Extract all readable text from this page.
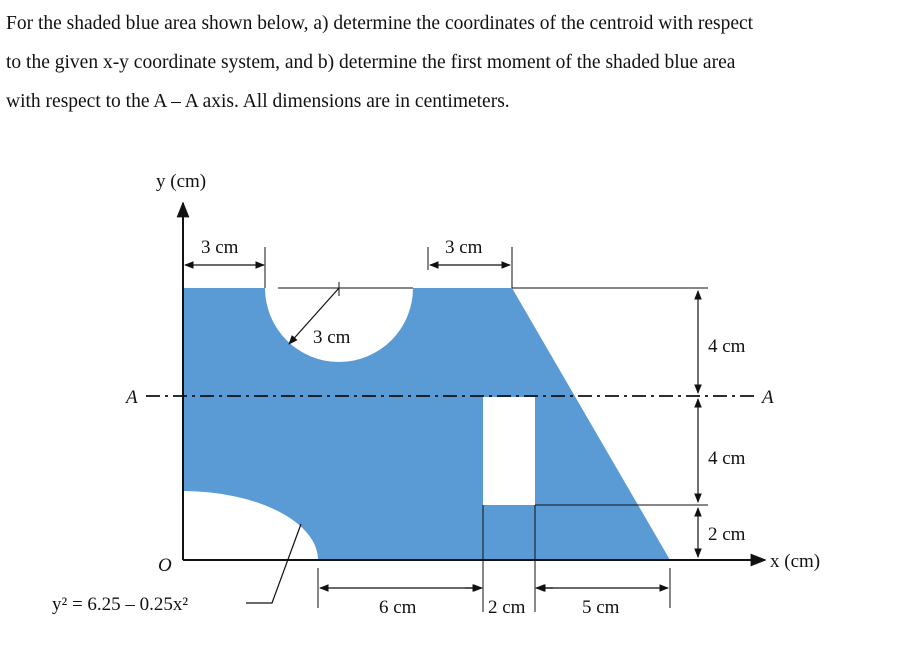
For the shaded blue area shown below, a) determine the coordinates of the centroid with respect

to the given x-y coordinate system, and b) determine the first moment of the shaded blue area

with respect to the A – A axis. All dimensions are in centimeters.

y (cm)
x (cm)
O
3 cm	3 cm
3 cm
A	A
4 cm
4 cm
2 cm
6 cm	2 cm	5 cm
y² = 6.25 – 0.25x²
